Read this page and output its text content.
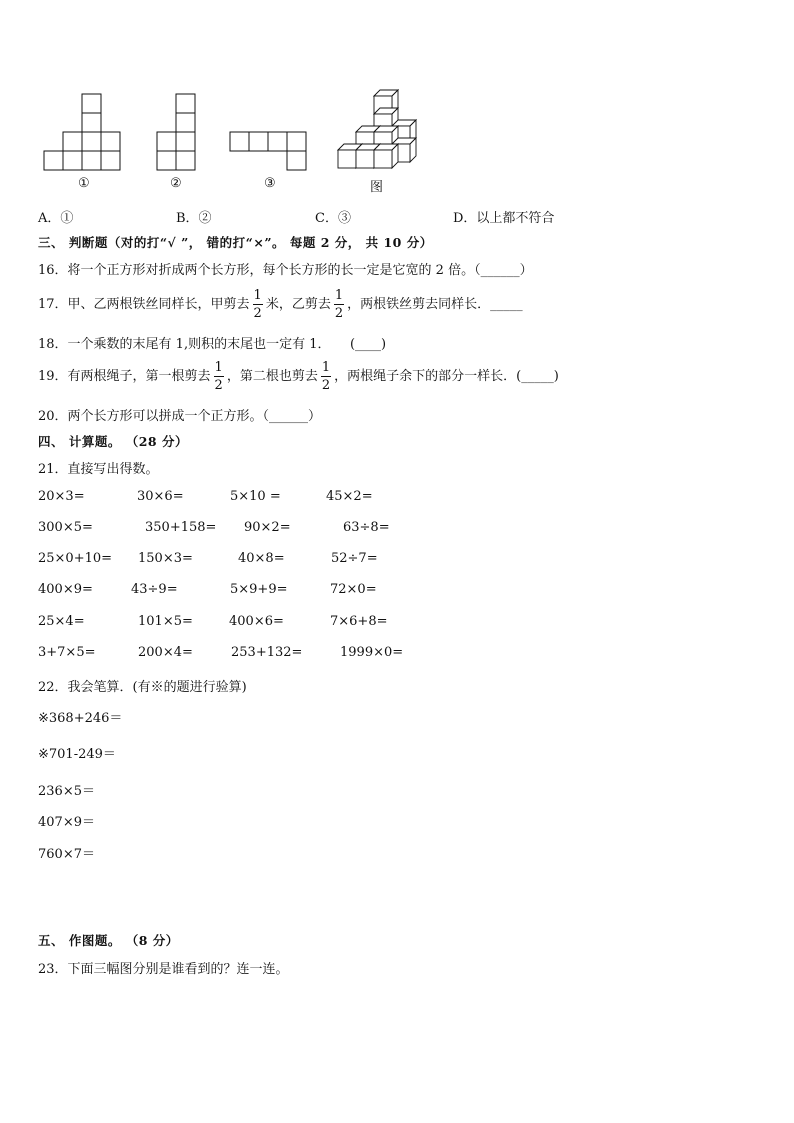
①	②	③	图
A．①	B．②	C．③	D．以上都不符合
三、 判断题（对的打“√ ”， 错的打“×”。 每题 2 分， 共 10 分）
16．将一个正方形对折成两个长方形，每个长方形的长一定是它宽的 2 倍。（______）
17．甲、乙两根铁丝同样长，甲剪去 $\frac{1}{2}$ 米，乙剪去 $\frac{1}{2}$ ，两根铁丝剪去同样长．_____
18．一个乘数的末尾有 1,则积的末尾也一定有 1．　　(____)
19．有两根绳子，第一根剪去 $\frac{1}{2}$ ，第二根也剪去 $\frac{1}{2}$ ，两根绳子余下的部分一样长．(_____)
20．两个长方形可以拼成一个正方形。（______）
四、 计算题。 （28 分）
21．直接写出得数。
20×3=	30×6=	5×10 =	45×2=
300×5=	350+158= 90×2=	63÷8=
25×0+10= 150×3=	40×8=	52÷7=
400×9=	43÷9=	5×9+9=	72×0=
25×4=	101×5=	400×6=	7×6+8=
3+7×5=	200×4=	253+132=	1999×0=
22．我会笔算．(有※的题进行验算)
※368+246＝
※701-249＝
236×5＝
407×9＝
760×7＝
五、 作图题。 （8 分）
23．下面三幅图分别是谁看到的？连一连。
